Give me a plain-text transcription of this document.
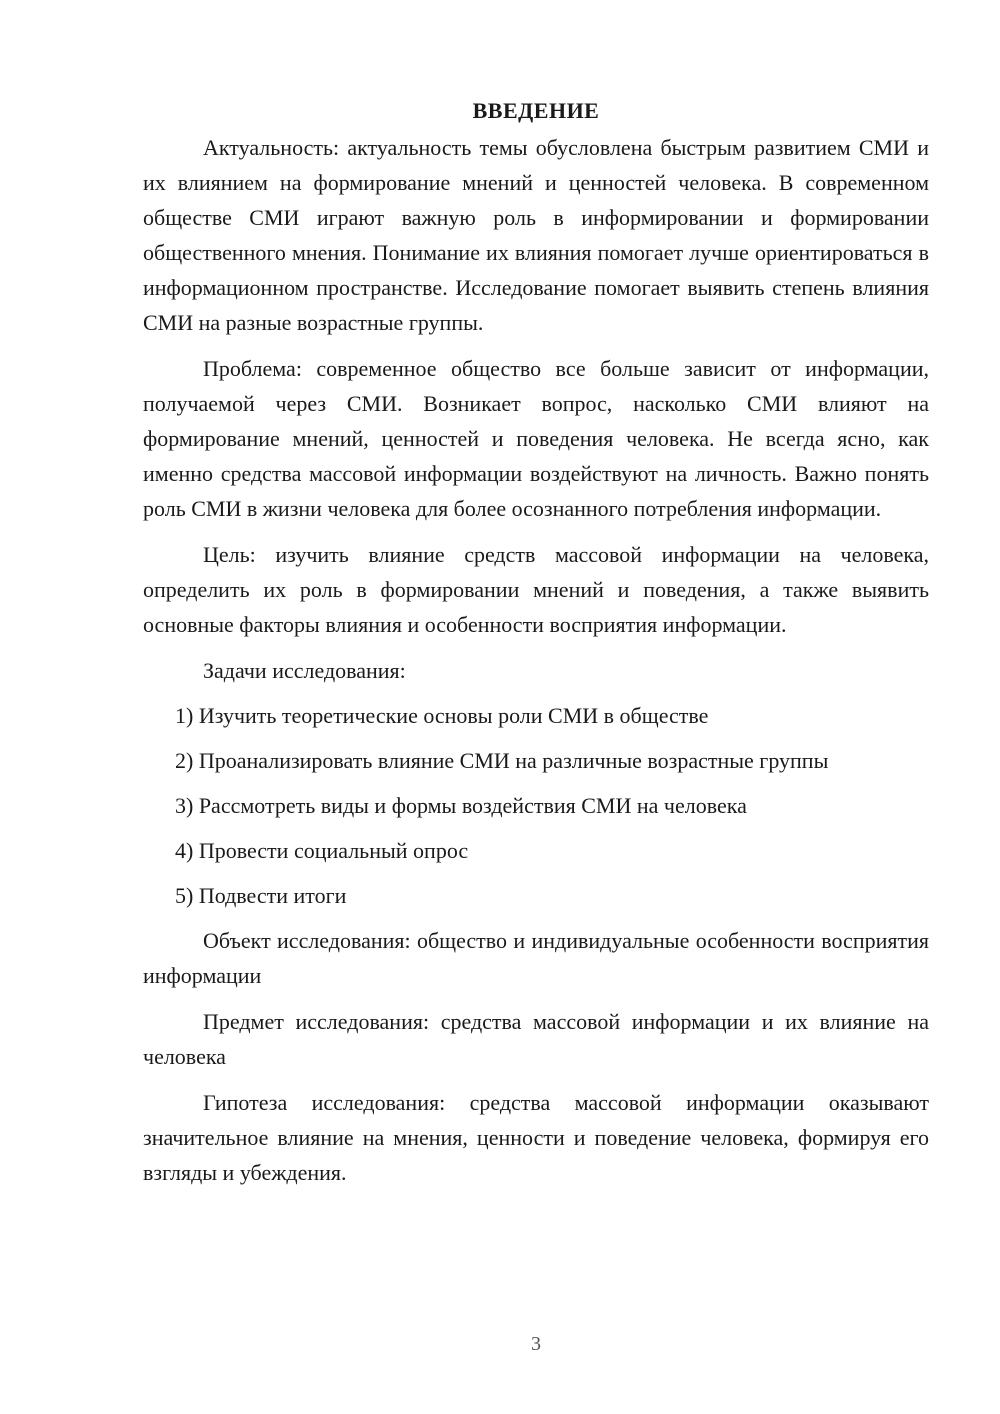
ВВЕДЕНИЕ

Актуальность: актуальность темы обусловлена быстрым развитием СМИ и их влиянием на формирование мнений и ценностей человека. В современном обществе СМИ играют важную роль в информировании и формировании общественного мнения. Понимание их влияния помогает лучше ориентироваться в информационном пространстве. Исследование помогает выявить степень влияния СМИ на разные возрастные группы.

Проблема: современное общество все больше зависит от информации, получаемой через СМИ. Возникает вопрос, насколько СМИ влияют на формирование мнений, ценностей и поведения человека. Не всегда ясно, как именно средства массовой информации воздействуют на личность. Важно понять роль СМИ в жизни человека для более осознанного потребления информации.

Цель: изучить влияние средств массовой информации на человека, определить их роль в формировании мнений и поведения, а также выявить основные факторы влияния и особенности восприятия информации.

Задачи исследования:

1) Изучить теоретические основы роли СМИ в обществе
2) Проанализировать влияние СМИ на различные возрастные группы
3) Рассмотреть виды и формы воздействия СМИ на человека
4) Провести социальный опрос
5) Подвести итоги

Объект исследования: общество и индивидуальные особенности восприятия информации

Предмет исследования: средства массовой информации и их влияние на человека

Гипотеза исследования: средства массовой информации оказывают значительное влияние на мнения, ценности и поведение человека, формируя его взгляды и убеждения.

3
